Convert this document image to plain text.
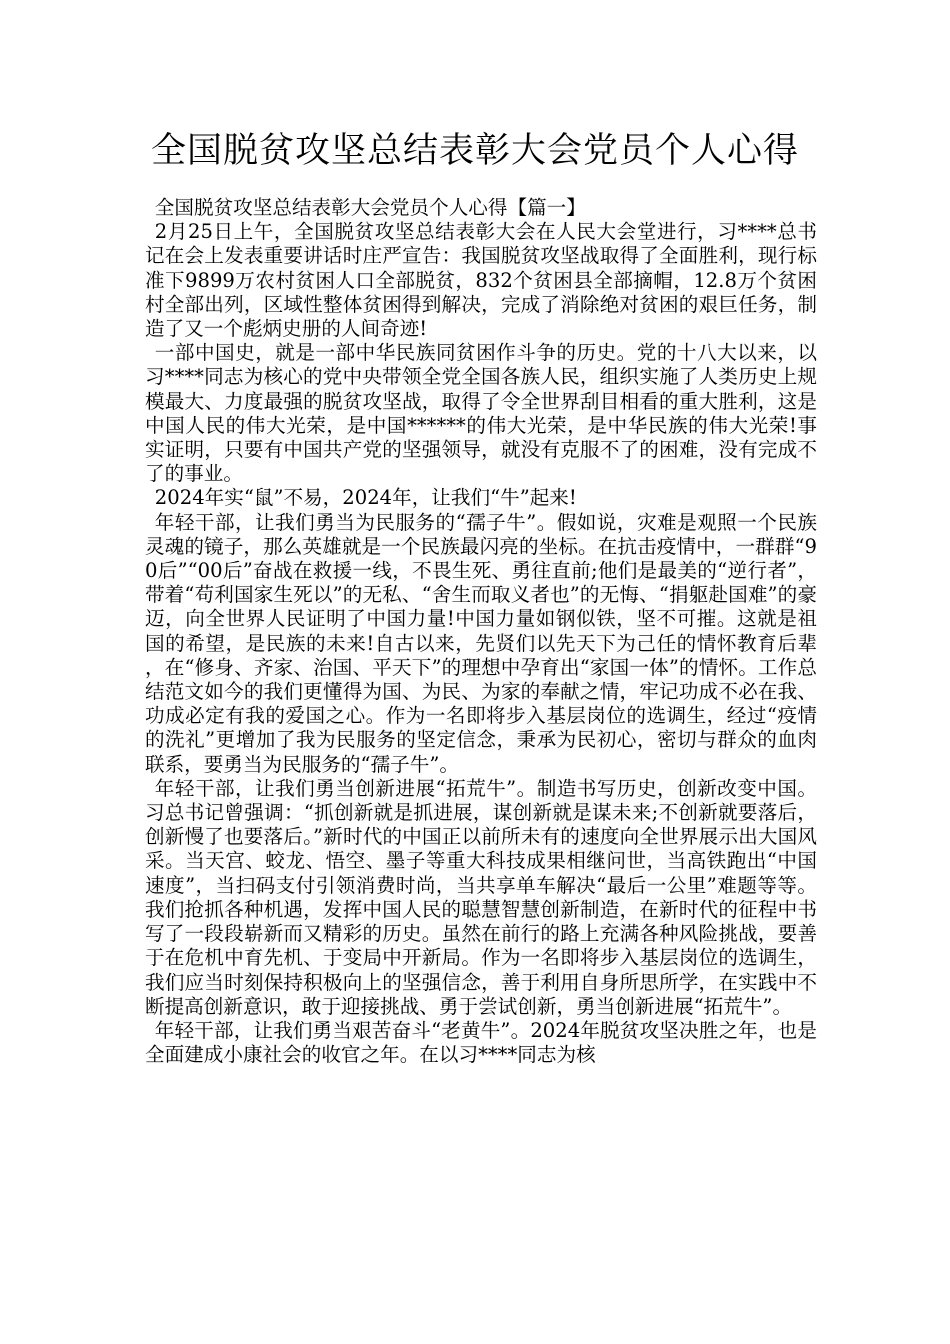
全国脱贫攻坚总结表彰大会党员个人心得

全国脱贫攻坚总结表彰大会党员个人心得【篇一】

2月25日上午，全国脱贫攻坚总结表彰大会在人民大会堂进行，习****总书记在会上发表重要讲话时庄严宣告：我国脱贫攻坚战取得了全面胜利，现行标准下9899万农村贫困人口全部脱贫，832个贫困县全部摘帽，12.8万个贫困村全部出列，区域性整体贫困得到解决，完成了消除绝对贫困的艰巨任务，制造了又一个彪炳史册的人间奇迹!

一部中国史，就是一部中华民族同贫困作斗争的历史。党的十八大以来，以习****同志为核心的党中央带领全党全国各族人民，组织实施了人类历史上规模最大、力度最强的脱贫攻坚战，取得了令全世界刮目相看的重大胜利，这是中国人民的伟大光荣，是中国******的伟大光荣，是中华民族的伟大光荣!事实证明，只要有中国共产党的坚强领导，就没有克服不了的困难，没有完成不了的事业。

2024年实“鼠”不易，2024年，让我们“牛”起来!

年轻干部，让我们勇当为民服务的“孺子牛”。假如说，灾难是观照一个民族灵魂的镜子，那么英雄就是一个民族最闪亮的坐标。在抗击疫情中，一群群“90后”“00后”奋战在救援一线，不畏生死、勇往直前;他们是最美的“逆行者”，带着“苟利国家生死以”的无私、“舍生而取义者也”的无悔、“捐躯赴国难”的豪迈，向全世界人民证明了中国力量!中国力量如钢似铁，坚不可摧。这就是祖国的希望，是民族的未来!自古以来，先贤们以先天下为己任的情怀教育后辈，在“修身、齐家、治国、平天下”的理想中孕育出“家国一体”的情怀。工作总结范文如今的我们更懂得为国、为民、为家的奉献之情，牢记功成不必在我、功成必定有我的爱国之心。作为一名即将步入基层岗位的选调生，经过“疫情的洗礼”更增加了我为民服务的坚定信念，秉承为民初心，密切与群众的血肉联系，要勇当为民服务的“孺子牛”。

年轻干部，让我们勇当创新进展“拓荒牛”。制造书写历史，创新改变中国。习总书记曾强调：“抓创新就是抓进展，谋创新就是谋未来;不创新就要落后，创新慢了也要落后。”新时代的中国正以前所未有的速度向全世界展示出大国风采。当天宫、蛟龙、悟空、墨子等重大科技成果相继问世，当高铁跑出“中国速度”，当扫码支付引领消费时尚，当共享单车解决“最后一公里”难题等等。我们抢抓各种机遇，发挥中国人民的聪慧智慧创新制造，在新时代的征程中书写了一段段崭新而又精彩的历史。虽然在前行的路上充满各种风险挑战，要善于在危机中育先机、于变局中开新局。作为一名即将步入基层岗位的选调生，我们应当时刻保持积极向上的坚强信念，善于利用自身所思所学，在实践中不断提高创新意识，敢于迎接挑战、勇于尝试创新，勇当创新进展“拓荒牛”。

年轻干部，让我们勇当艰苦奋斗“老黄牛”。2024年脱贫攻坚决胜之年，也是全面建成小康社会的收官之年。在以习****同志为核
